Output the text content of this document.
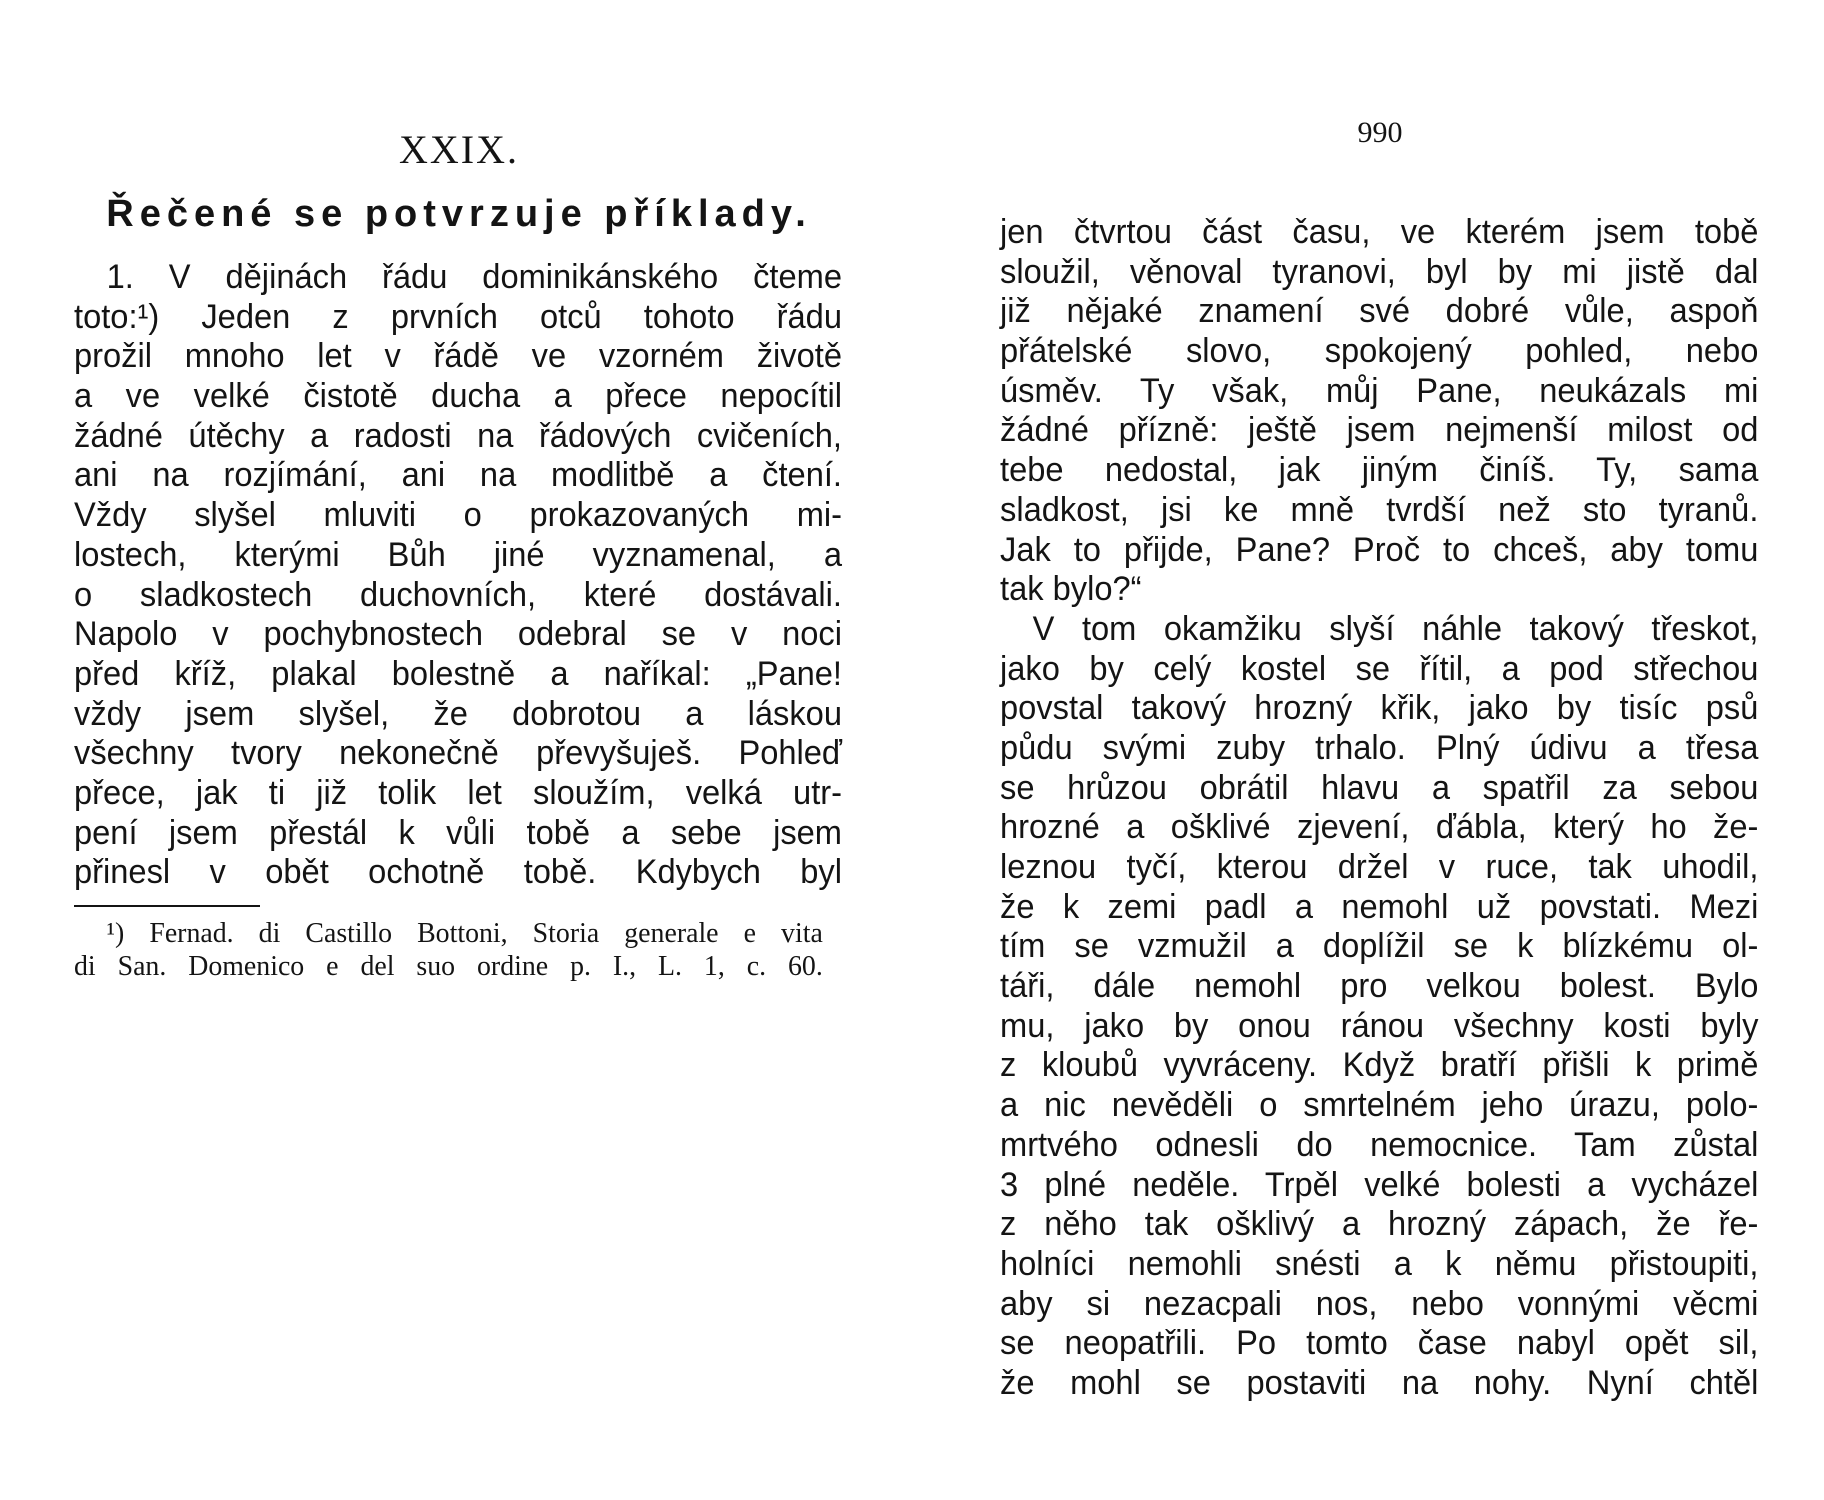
XXIX.
Řečené se potvrzuje příklady.
1. V dějinách řádu dominikánského čteme
toto:¹) Jeden z prvních otců tohoto řádu
prožil mnoho let v řádě ve vzorném životě
a ve velké čistotě ducha a přece nepocítil
žádné útěchy a radosti na řádových cvičeních,
ani na rozjímání, ani na modlitbě a čtení.
Vždy slyšel mluviti o prokazovaných mi-
lostech, kterými Bůh jiné vyznamenal, a
o sladkostech duchovních, které dostávali.
Napolo v pochybnostech odebral se v noci
před kříž, plakal bolestně a naříkal: „Pane!
vždy jsem slyšel, že dobrotou a láskou
všechny tvory nekonečně převyšuješ. Pohleď
přece, jak ti již tolik let sloužím, velká utr-
pení jsem přestál k vůli tobě a sebe jsem
přinesl v obět ochotně tobě. Kdybych byl
¹) Fernad. di Castillo Bottoni, Storia generale e vita
di San. Domenico e del suo ordine p. I., L. 1, c. 60.
990
jen čtvrtou část času, ve kterém jsem tobě
sloužil, věnoval tyranovi, byl by mi jistě dal
již nějaké znamení své dobré vůle, aspoň
přátelské slovo, spokojený pohled, nebo
úsměv. Ty však, můj Pane, neukázals mi
žádné přízně: ještě jsem nejmenší milost od
tebe nedostal, jak jiným činíš. Ty, sama
sladkost, jsi ke mně tvrdší než sto tyranů.
Jak to přijde, Pane? Proč to chceš, aby tomu
tak bylo?“
V tom okamžiku slyší náhle takový třeskot,
jako by celý kostel se řítil, a pod střechou
povstal takový hrozný křik, jako by tisíc psů
půdu svými zuby trhalo. Plný údivu a třesa
se hrůzou obrátil hlavu a spatřil za sebou
hrozné a ošklivé zjevení, ďábla, který ho že-
leznou tyčí, kterou držel v ruce, tak uhodil,
že k zemi padl a nemohl už povstati. Mezi
tím se vzmužil a doplížil se k blízkému ol-
táři, dále nemohl pro velkou bolest. Bylo
mu, jako by onou ránou všechny kosti byly
z kloubů vyvráceny. Když bratří přišli k primě
a nic nevěděli o smrtelném jeho úrazu, polo-
mrtvého odnesli do nemocnice. Tam zůstal
3 plné neděle. Trpěl velké bolesti a vycházel
z něho tak ošklivý a hrozný zápach, že ře-
holníci nemohli snésti a k němu přistoupiti,
aby si nezacpali nos, nebo vonnými věcmi
se neopatřili. Po tomto čase nabyl opět sil,
že mohl se postaviti na nohy. Nyní chtěl
